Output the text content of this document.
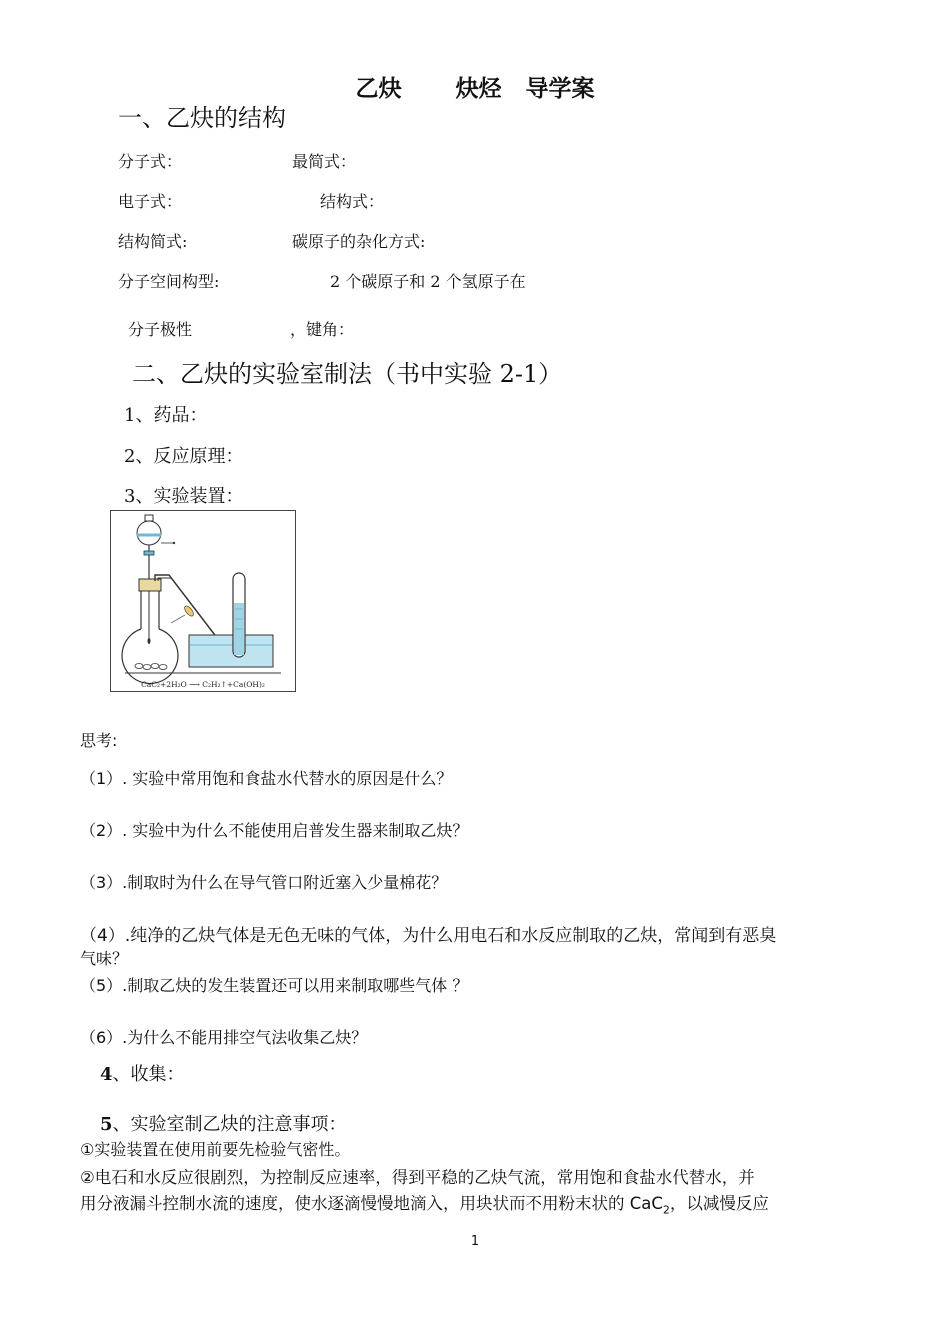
乙炔 炔烃 导学案
一、乙炔的结构
分子式：	最简式：
电子式：	结构式：
结构简式:	碳原子的杂化方式:
分子空间构型:	2 个碳原子和 2 个氢原子在
分子极性	，键角：
二、乙炔的实验室制法（书中实验 2-1）
1、药品：
2、反应原理：
3、实验装置：
CaC₂+2H₂O ⟶ C₂H₂↑+Ca(OH)₂
思考:
（1）. 实验中常用饱和食盐水代替水的原因是什么？
（2）. 实验中为什么不能使用启普发生器来制取乙炔？
（3）.制取时为什么在导气管口附近塞入少量棉花？
（4）.纯净的乙炔气体是无色无味的气体，为什么用电石和水反应制取的乙炔，常闻到有恶臭
气味？
（5）.制取乙炔的发生装置还可以用来制取哪些气体 ？
（6）.为什么不能用排空气法收集乙炔？
4、收集：
5、实验室制乙炔的注意事项：
①实验装置在使用前要先检验气密性。
②电石和水反应很剧烈，为控制反应速率，得到平稳的乙炔气流，常用饱和食盐水代替水，并
用分液漏斗控制水流的速度，使水逐滴慢慢地滴入，用块状而不用粉末状的 CaC$_2$，以减慢反应
1
